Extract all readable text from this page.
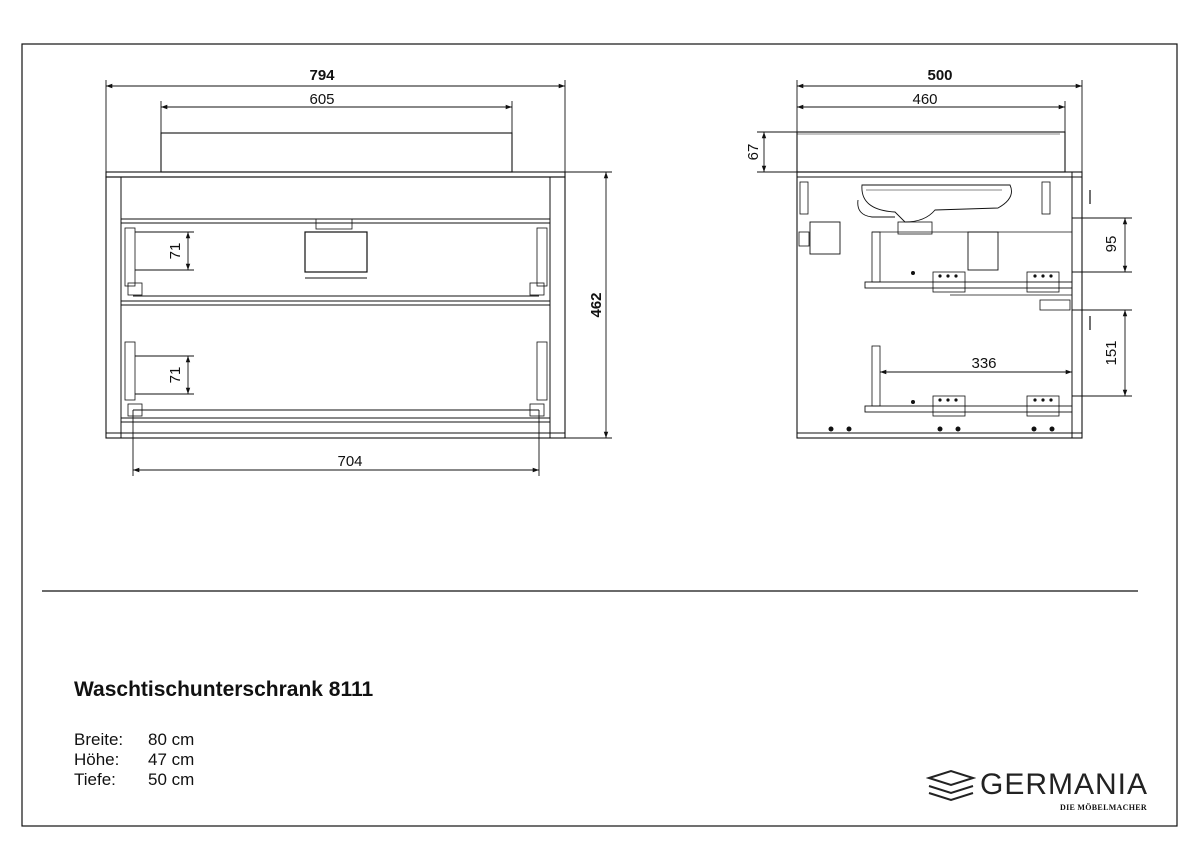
794
605
462
704
71
71
500
460
67
95
151
336
Waschtischunterschrank 8111
Breite: 80 cm
Höhe: 47 cm
Tiefe: 50 cm	GERMANIA
DIE MÖBELMACHER
